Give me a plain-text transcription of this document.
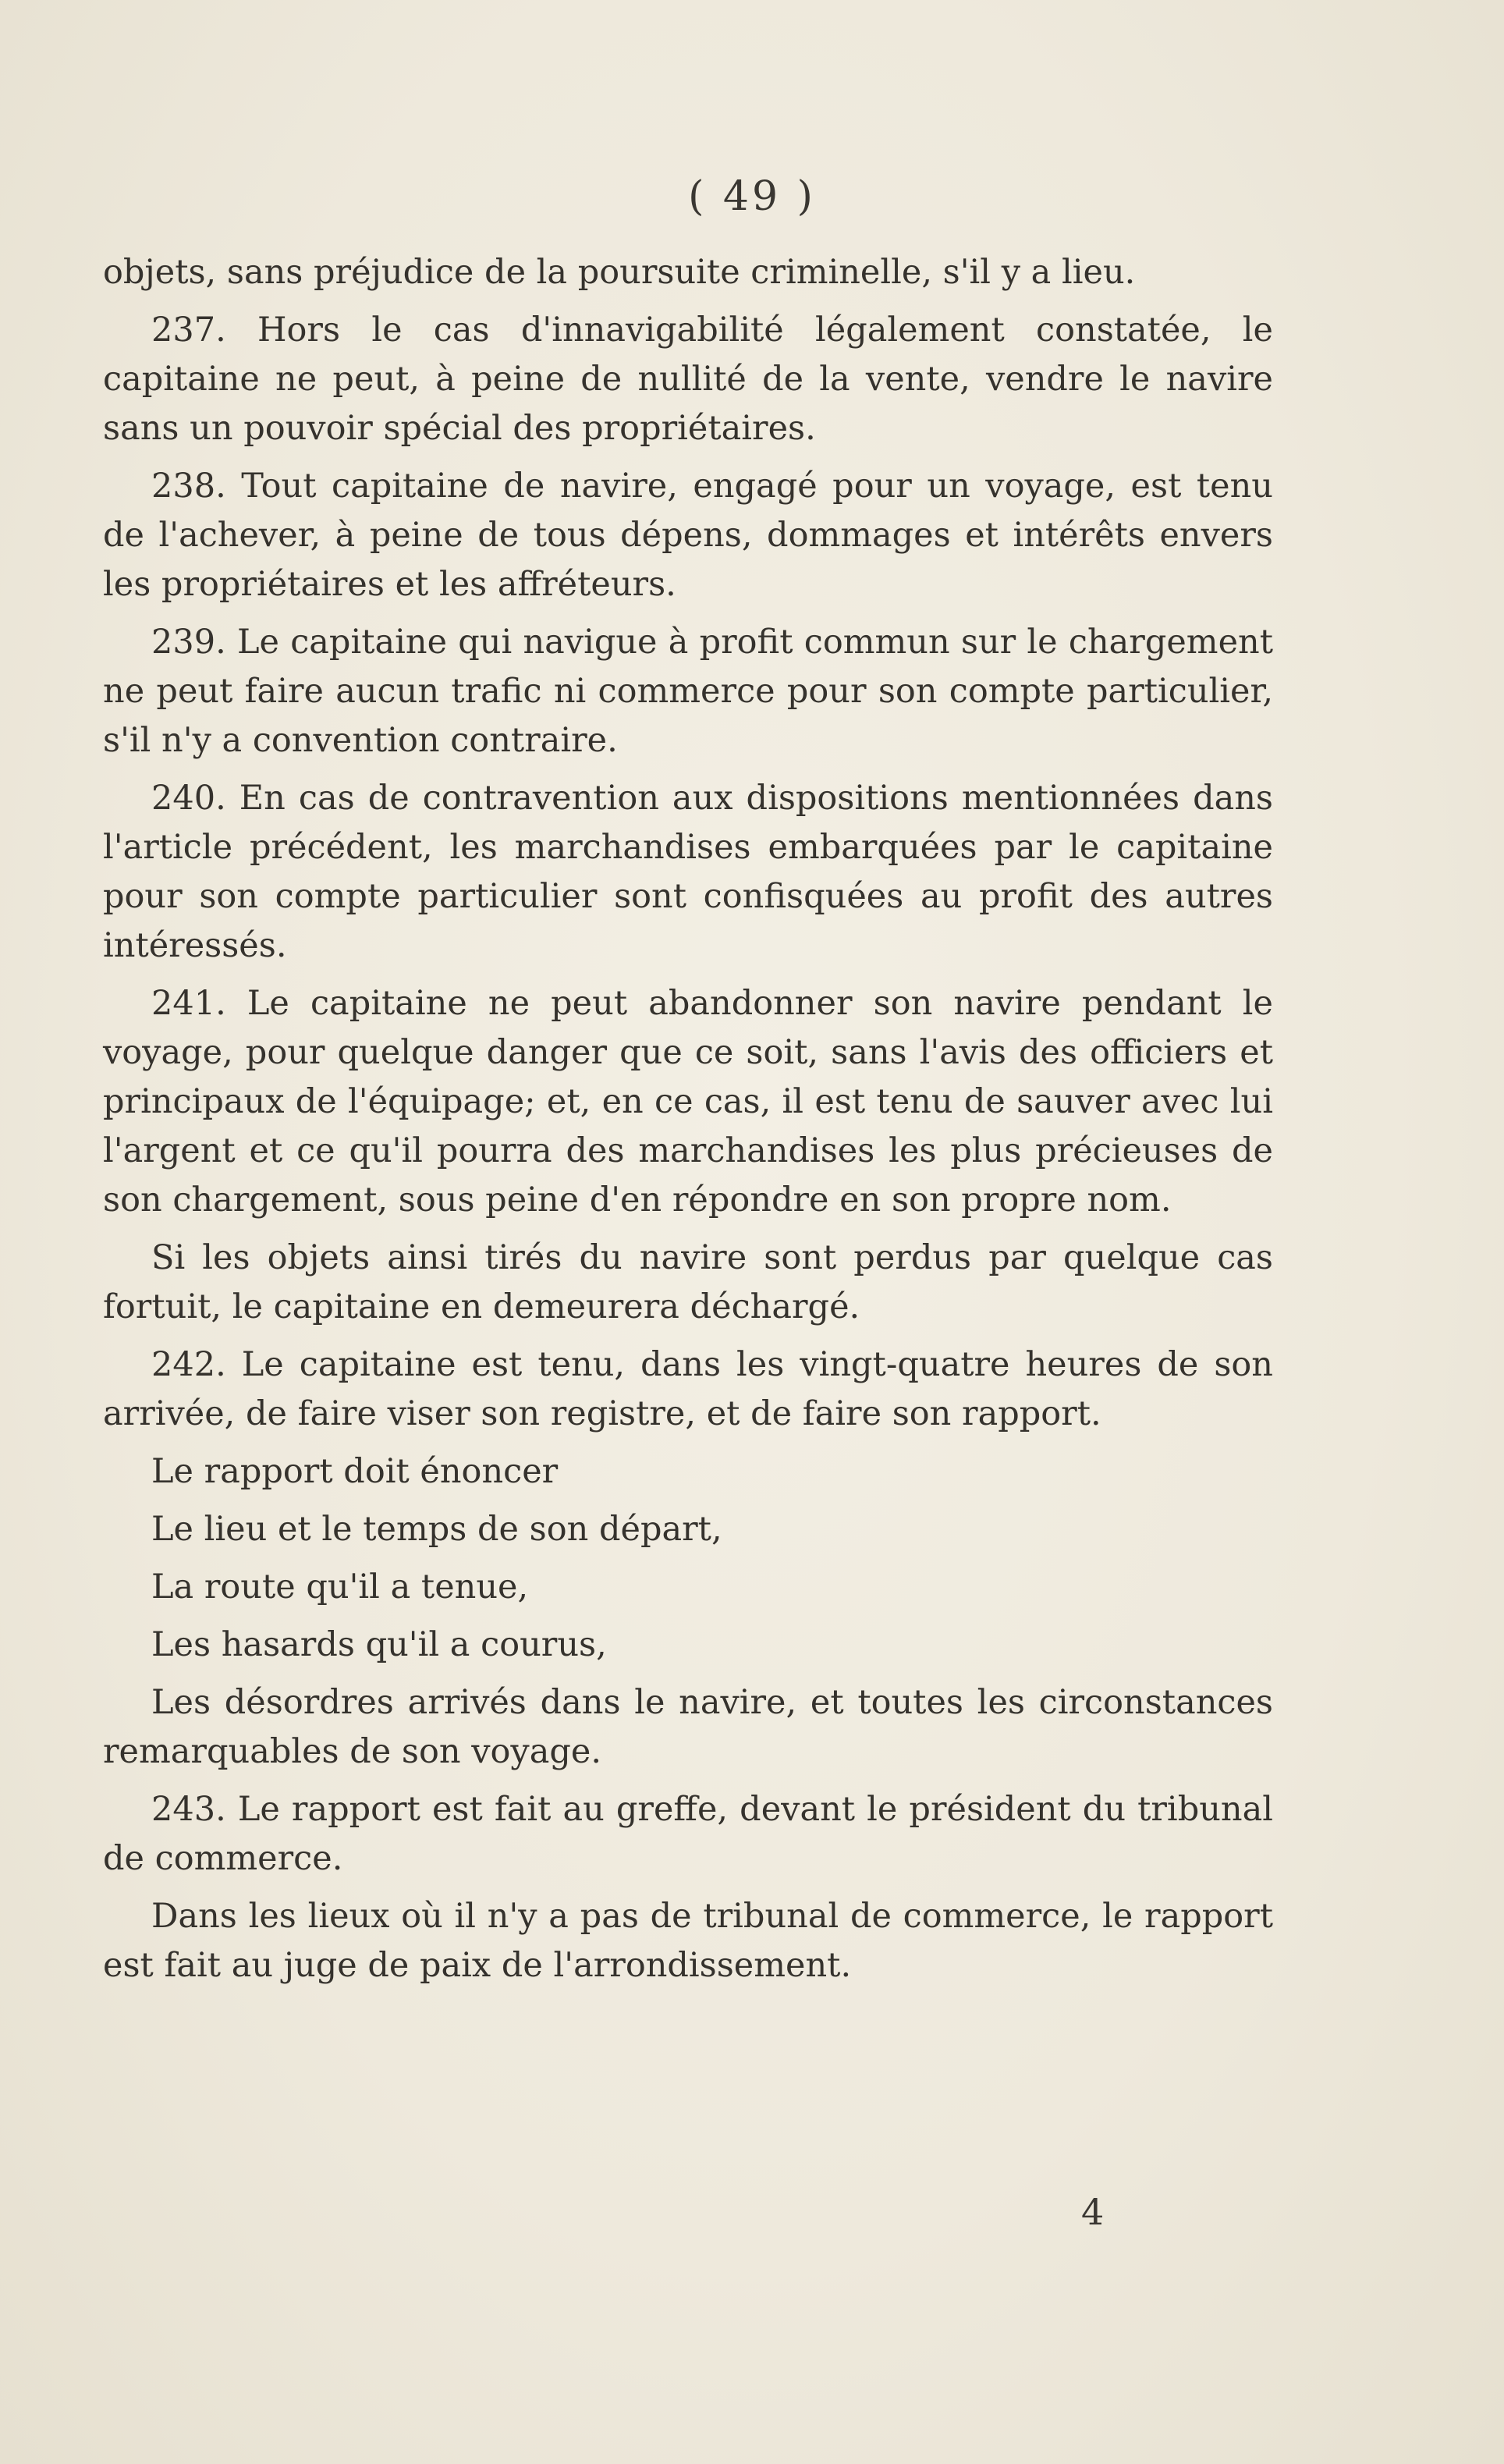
( 49 )

objets, sans préjudice de la poursuite criminelle, s'il y a lieu.

237. Hors le cas d'innavigabilité légalement constatée, le capitaine ne peut, à peine de nullité de la vente, vendre le navire sans un pouvoir spécial des propriétaires.

238. Tout capitaine de navire, engagé pour un voyage, est tenu de l'achever, à peine de tous dépens, dommages et intérêts envers les propriétaires et les affréteurs.

239. Le capitaine qui navigue à profit commun sur le chargement ne peut faire aucun trafic ni commerce pour son compte particulier, s'il n'y a convention contraire.

240. En cas de contravention aux dispositions mentionnées dans l'article précédent, les marchandises embarquées par le capitaine pour son compte particulier sont confisquées au profit des autres intéressés.

241. Le capitaine ne peut abandonner son navire pendant le voyage, pour quelque danger que ce soit, sans l'avis des officiers et principaux de l'équipage; et, en ce cas, il est tenu de sauver avec lui l'argent et ce qu'il pourra des marchandises les plus précieuses de son chargement, sous peine d'en répondre en son propre nom.

Si les objets ainsi tirés du navire sont perdus par quelque cas fortuit, le capitaine en demeurera déchargé.

242. Le capitaine est tenu, dans les vingt-quatre heures de son arrivée, de faire viser son registre, et de faire son rapport.

Le rapport doit énoncer

Le lieu et le temps de son départ,

La route qu'il a tenue,

Les hasards qu'il a courus,

Les désordres arrivés dans le navire, et toutes les circonstances remarquables de son voyage.

243. Le rapport est fait au greffe, devant le président du tribunal de commerce.

Dans les lieux où il n'y a pas de tribunal de commerce, le rapport est fait au juge de paix de l'arrondissement.

4
